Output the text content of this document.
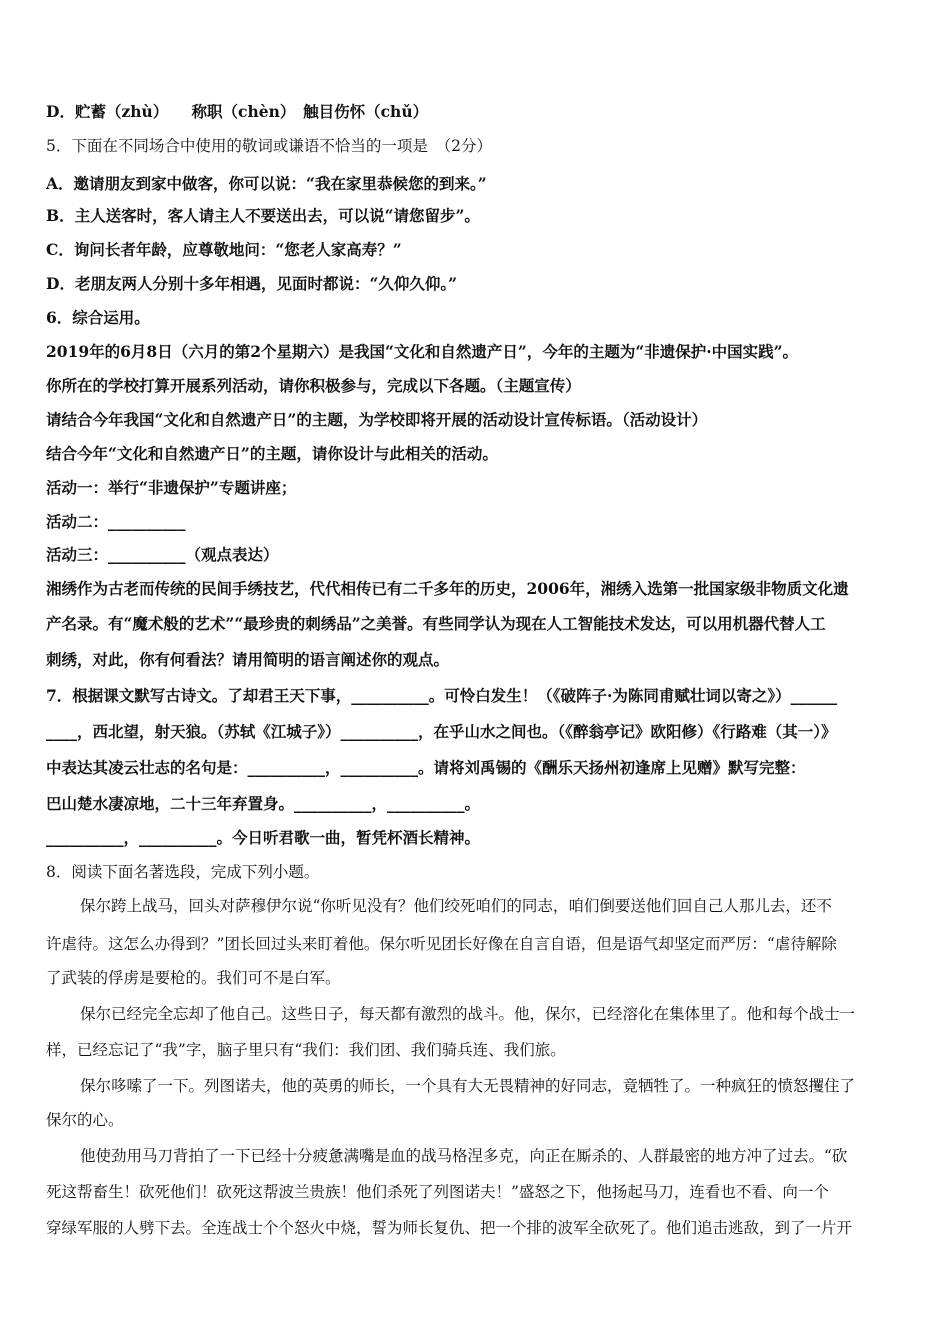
D．贮蓄（zhù）　　称职（chèn）　触目伤怀（chǔ）
5．下面在不同场合中使用的敬词或谦语不恰当的一项是　（2分）
A．邀请朋友到家中做客，你可以说：“我在家里恭候您的到来。”
B．主人送客时，客人请主人不要送出去，可以说“请您留步”。
C．询问长者年龄，应尊敬地问：“您老人家高寿？”
D．老朋友两人分别十多年相遇，见面时都说：“久仰久仰。”
6．综合运用。
2019年的6月8日（六月的第2个星期六）是我国“文化和自然遗产日”，今年的主题为“非遗保护·中国实践”。
你所在的学校打算开展系列活动，请你积极参与，完成以下各题。（主题宣传）
请结合今年我国“文化和自然遗产日”的主题，为学校即将开展的活动设计宣传标语。（活动设计）
结合今年“文化和自然遗产日”的主题，请你设计与此相关的活动。
活动一：举行“非遗保护”专题讲座；
活动二：__________
活动三：__________（观点表达）
湘绣作为古老而传统的民间手绣技艺，代代相传已有二千多年的历史，2006年，湘绣入选第一批国家级非物质文化遗
产名录。有“魔术般的艺术”“最珍贵的刺绣品”之美誉。有些同学认为现在人工智能技术发达，可以用机器代替人工
刺绣，对此，你有何看法？请用简明的语言阐述你的观点。
7．根据课文默写古诗文。了却君王天下事，__________。可怜白发生！（《破阵子·为陈同甫赋壮词以寄之》）______
____，西北望，射天狼。（苏轼《江城子》）__________，在乎山水之间也。（《醉翁亭记》欧阳修）《行路难（其一）》
中表达其凌云壮志的名句是：__________，__________。请将刘禹锡的《酬乐天扬州初逢席上见赠》默写完整：
巴山楚水凄凉地，二十三年弃置身。__________，__________。
__________，__________。今日听君歌一曲，暂凭杯酒长精神。
8．阅读下面名著选段，完成下列小题。
保尔跨上战马，回头对萨穆伊尔说“你听见没有？他们绞死咱们的同志，咱们倒要送他们回自己人那儿去，还不
许虐待。这怎么办得到？”团长回过头来盯着他。保尔听见团长好像在自言自语，但是语气却坚定而严厉：“虐待解除
了武装的俘虏是要枪的。我们可不是白军。
保尔已经完全忘却了他自己。这些日子，每天都有激烈的战斗。他，保尔，已经溶化在集体里了。他和每个战士一
样，已经忘记了“我”字，脑子里只有“我们：我们团、我们骑兵连、我们旅。
保尔哆嗦了一下。列图诺夫，他的英勇的师长，一个具有大无畏精神的好同志，竟牺牲了。一种疯狂的愤怒攫住了
保尔的心。
他使劲用马刀背拍了一下已经十分疲惫满嘴是血的战马格涅多克，向正在厮杀的、人群最密的地方冲了过去。“砍
死这帮畜生！砍死他们！砍死这帮波兰贵族！他们杀死了列图诺夫！”盛怒之下，他扬起马刀，连看也不看、向一个
穿绿军服的人劈下去。全连战士个个怒火中烧，誓为师长复仇、把一个排的波军全砍死了。他们追击逃敌，到了一片开
